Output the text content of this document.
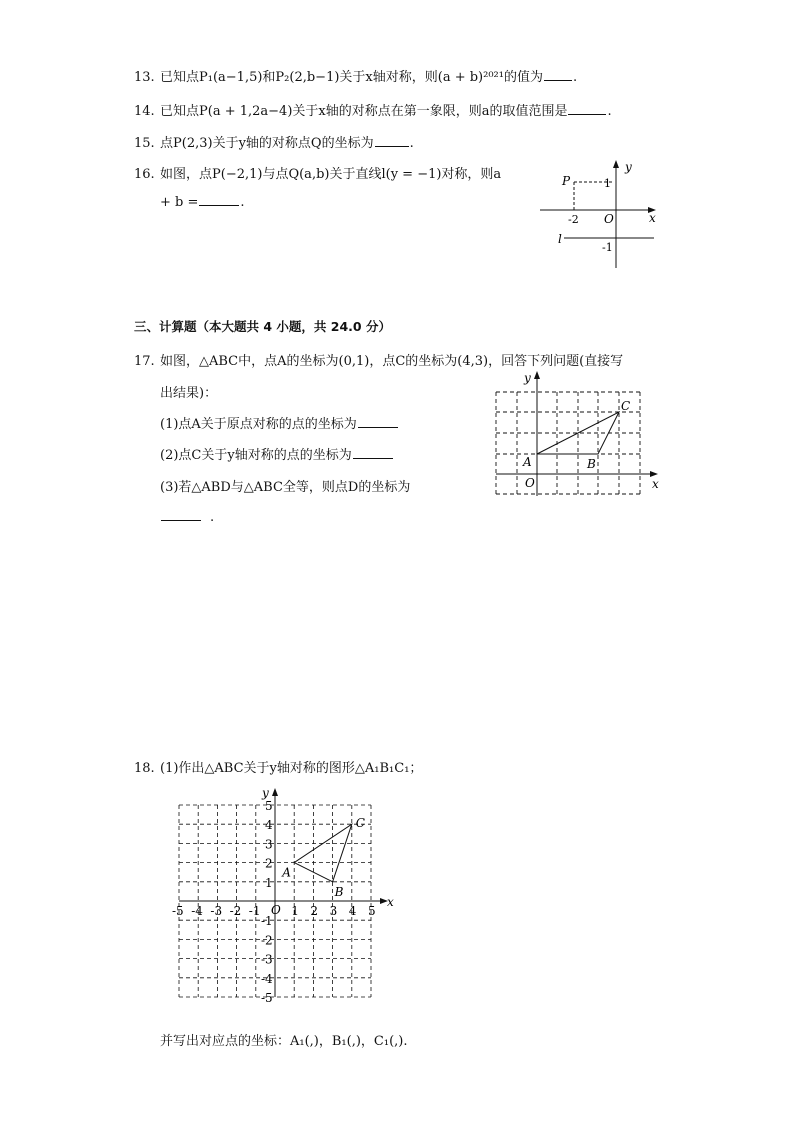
13. 已知点P₁(a−1,5)和P₂(2,b−1)关于x轴对称，则(a + b)²⁰²¹的值为 .
14. 已知点P(a + 1,2a−4)关于x轴的对称点在第一象限，则a的取值范围是	.
15. 点P(2,3)关于y轴的对称点Q的坐标为	.
16. 如图，点P(−2,1)与点Q(a,b)关于直线l(y = −1)对称，则a
+ b =	.
P	1
y
-2 O	x
l
-1
三、计算题（本大题共 4 小题，共 24.0 分）
17. 如图，△ABC中，点A的坐标为(0,1)，点C的坐标为(4,3)，回答下列问题(直接写
出结果)：
(1)点A关于原点对称的点的坐标为
(2)点C关于y轴对称的点的坐标为
(3)若△ABD与△ABC全等，则点D的坐标为
.
A	B
C
O	x
y
18. (1)作出△ABC关于y轴对称的图形△A₁B₁C₁；
-5 -4 -3 -2 -1	1 2 3 4 5
5
4
3
2
1
-1
-2
-3
-4
-5
A
B
C
O
x
y
并写出对应点的坐标：A₁(,)，B₁(,)，C₁(,).
